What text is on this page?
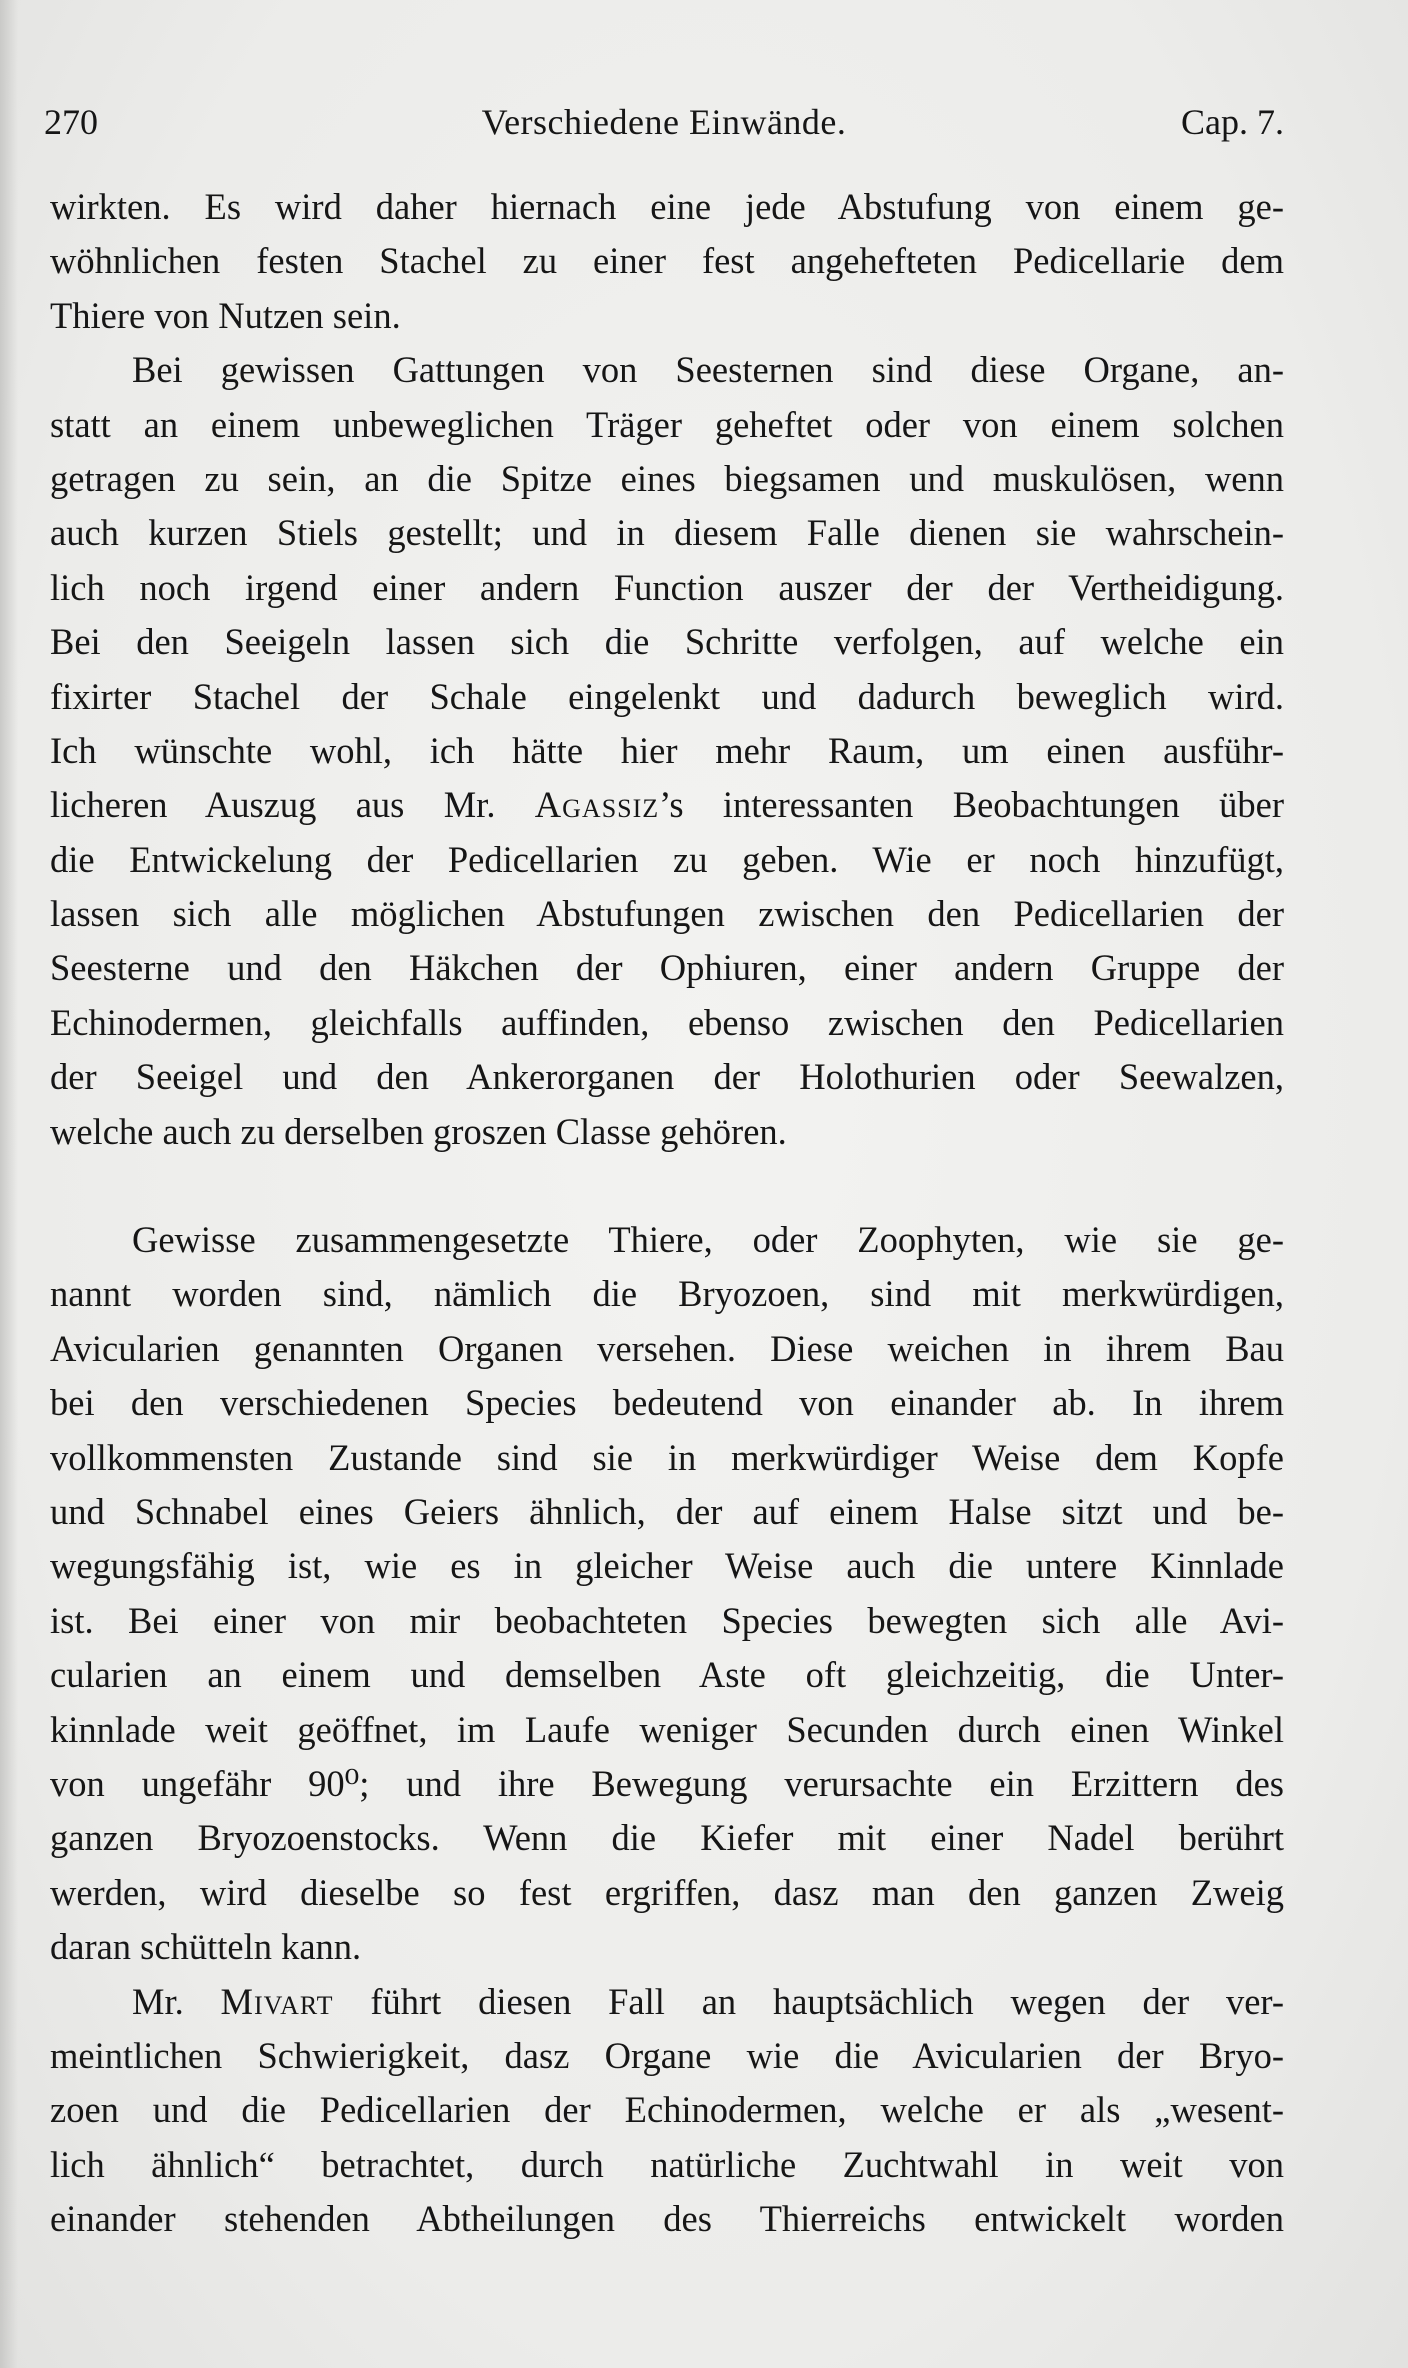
270	Verschiedene Einwände.	Cap. 7.
wirkten. Es wird daher hiernach eine jede Abstufung von einem ge-
wöhnlichen festen Stachel zu einer fest angehefteten Pedicellarie dem
Thiere von Nutzen sein.
Bei gewissen Gattungen von Seesternen sind diese Organe, an-
statt an einem unbeweglichen Träger geheftet oder von einem solchen
getragen zu sein, an die Spitze eines biegsamen und muskulösen, wenn
auch kurzen Stiels gestellt; und in diesem Falle dienen sie wahrschein-
lich noch irgend einer andern Function auszer der der Vertheidigung.
Bei den Seeigeln lassen sich die Schritte verfolgen, auf welche ein
fixirter Stachel der Schale eingelenkt und dadurch beweglich wird.
Ich wünschte wohl, ich hätte hier mehr Raum, um einen ausführ-
licheren Auszug aus Mr. Agassiz’s interessanten Beobachtungen über
die Entwickelung der Pedicellarien zu geben. Wie er noch hinzufügt,
lassen sich alle möglichen Abstufungen zwischen den Pedicellarien der
Seesterne und den Häkchen der Ophiuren, einer andern Gruppe der
Echinodermen, gleichfalls auffinden, ebenso zwischen den Pedicellarien
der Seeigel und den Ankerorganen der Holothurien oder Seewalzen,
welche auch zu derselben groszen Classe gehören.
Gewisse zusammengesetzte Thiere, oder Zoophyten, wie sie ge-
nannt worden sind, nämlich die Bryozoen, sind mit merkwürdigen,
Avicularien genannten Organen versehen. Diese weichen in ihrem Bau
bei den verschiedenen Species bedeutend von einander ab. In ihrem
vollkommensten Zustande sind sie in merkwürdiger Weise dem Kopfe
und Schnabel eines Geiers ähnlich, der auf einem Halse sitzt und be-
wegungsfähig ist, wie es in gleicher Weise auch die untere Kinnlade
ist. Bei einer von mir beobachteten Species bewegten sich alle Avi-
cularien an einem und demselben Aste oft gleichzeitig, die Unter-
kinnlade weit geöffnet, im Laufe weniger Secunden durch einen Winkel
von ungefähr 90⁰; und ihre Bewegung verursachte ein Erzittern des
ganzen Bryozoenstocks. Wenn die Kiefer mit einer Nadel berührt
werden, wird dieselbe so fest ergriffen, dasz man den ganzen Zweig
daran schütteln kann.
Mr. Mivart führt diesen Fall an hauptsächlich wegen der ver-
meintlichen Schwierigkeit, dasz Organe wie die Avicularien der Bryo-
zoen und die Pedicellarien der Echinodermen, welche er als „wesent-
lich ähnlich“ betrachtet, durch natürliche Zuchtwahl in weit von
einander stehenden Abtheilungen des Thierreichs entwickelt worden
